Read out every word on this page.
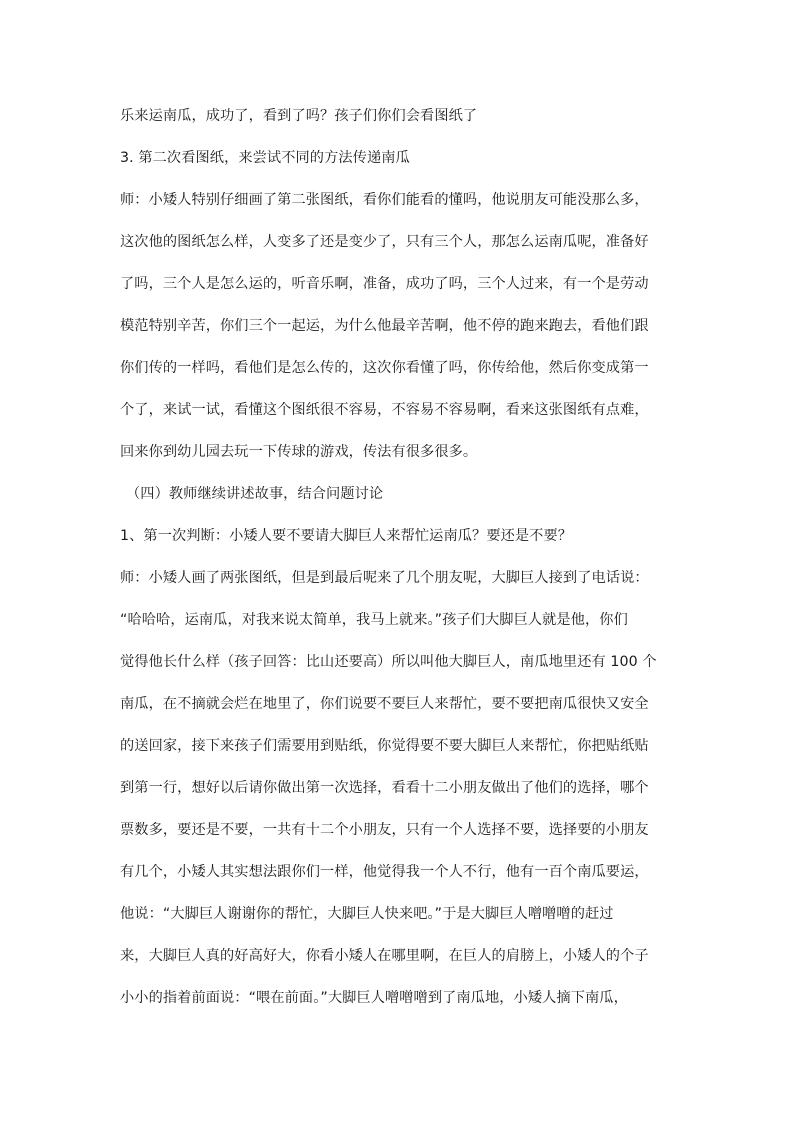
乐来运南瓜，成功了，看到了吗？孩子们你们会看图纸了
3. 第二次看图纸，来尝试不同的方法传递南瓜
师：小矮人特别仔细画了第二张图纸，看你们能看的懂吗，他说朋友可能没那么多，
这次他的图纸怎么样，人变多了还是变少了，只有三个人，那怎么运南瓜呢，准备好
了吗，三个人是怎么运的，听音乐啊，准备，成功了吗，三个人过来，有一个是劳动
模范特别辛苦，你们三个一起运，为什么他最辛苦啊，他不停的跑来跑去，看他们跟
你们传的一样吗，看他们是怎么传的，这次你看懂了吗，你传给他，然后你变成第一
个了，来试一试，看懂这个图纸很不容易，不容易不容易啊，看来这张图纸有点难，
回来你到幼儿园去玩一下传球的游戏，传法有很多很多。
（四）教师继续讲述故事，结合问题讨论
1、第一次判断：小矮人要不要请大脚巨人来帮忙运南瓜？要还是不要？
师：小矮人画了两张图纸，但是到最后呢来了几个朋友呢，大脚巨人接到了电话说：
“哈哈哈，运南瓜，对我来说太简单，我马上就来。”孩子们大脚巨人就是他，你们
觉得他长什么样（孩子回答：比山还要高）所以叫他大脚巨人，南瓜地里还有 100 个
南瓜，在不摘就会烂在地里了，你们说要不要巨人来帮忙，要不要把南瓜很快又安全
的送回家，接下来孩子们需要用到贴纸，你觉得要不要大脚巨人来帮忙，你把贴纸贴
到第一行，想好以后请你做出第一次选择，看看十二小朋友做出了他们的选择，哪个
票数多，要还是不要，一共有十二个小朋友，只有一个人选择不要，选择要的小朋友
有几个，小矮人其实想法跟你们一样，他觉得我一个人不行，他有一百个南瓜要运，
他说：“大脚巨人谢谢你的帮忙，大脚巨人快来吧。”于是大脚巨人噌噌噌的赶过
来，大脚巨人真的好高好大，你看小矮人在哪里啊，在巨人的肩膀上，小矮人的个子
小小的指着前面说：“喂在前面。”大脚巨人噌噌噌到了南瓜地，小矮人摘下南瓜，
